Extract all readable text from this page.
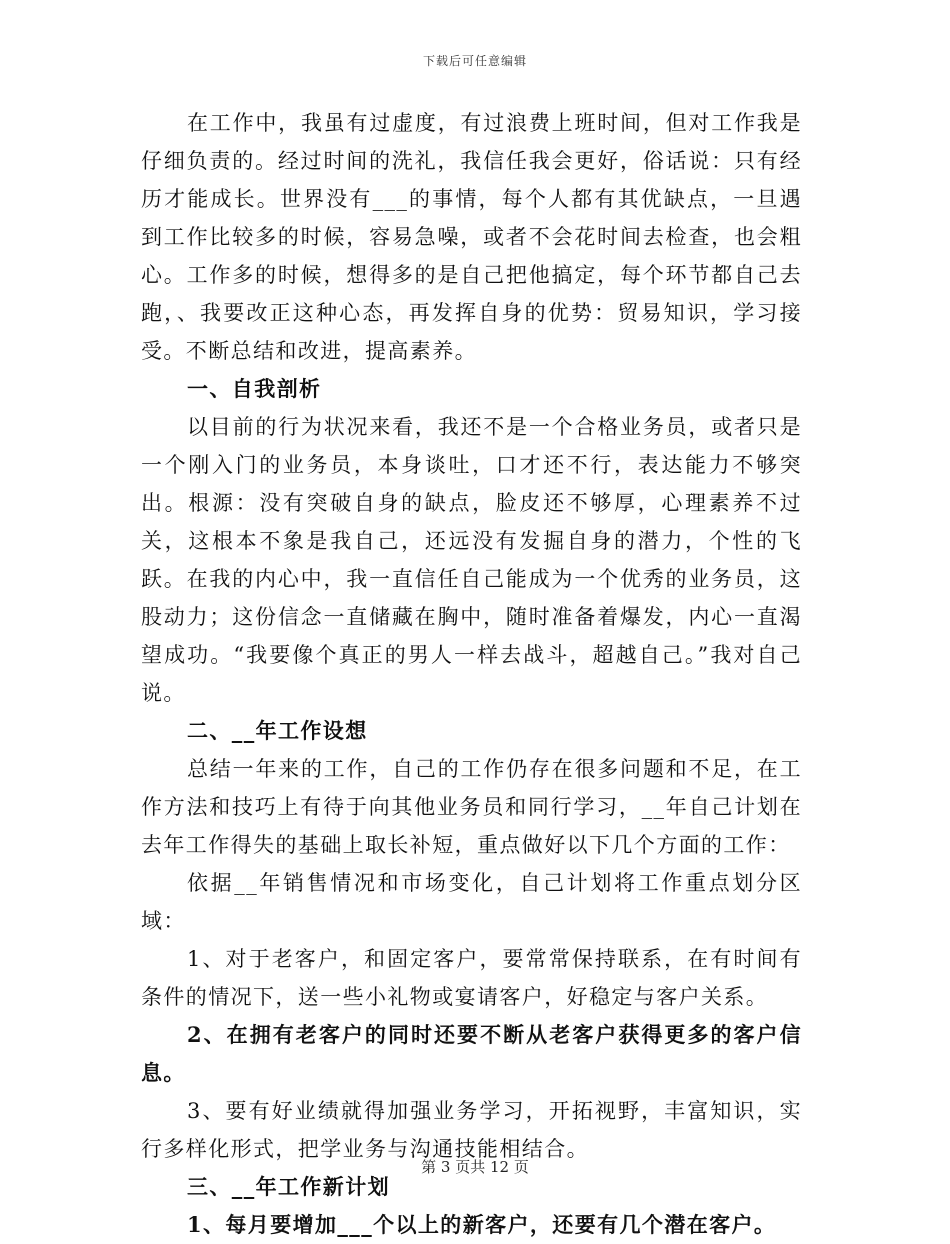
下载后可任意编辑

在工作中，我虽有过虚度，有过浪费上班时间，但对工作我是仔细负责的。经过时间的洗礼，我信任我会更好，俗话说：只有经历才能成长。世界没有___的事情，每个人都有其优缺点，一旦遇到工作比较多的时候，容易急噪，或者不会花时间去检查，也会粗心。工作多的时候，想得多的是自己把他搞定，每个环节都自己去跑，、我要改正这种心态，再发挥自身的优势：贸易知识，学习接受。不断总结和改进，提高素养。

一、自我剖析

以目前的行为状况来看，我还不是一个合格业务员，或者只是一个刚入门的业务员，本身谈吐，口才还不行，表达能力不够突出。根源：没有突破自身的缺点，脸皮还不够厚，心理素养不过关，这根本不象是我自己，还远没有发掘自身的潜力，个性的飞跃。在我的内心中，我一直信任自己能成为一个优秀的业务员，这股动力；这份信念一直储藏在胸中，随时准备着爆发，内心一直渴望成功。“我要像个真正的男人一样去战斗，超越自己。”我对自己说。

二、__年工作设想

总结一年来的工作，自己的工作仍存在很多问题和不足，在工作方法和技巧上有待于向其他业务员和同行学习，__年自己计划在去年工作得失的基础上取长补短，重点做好以下几个方面的工作：

依据__年销售情况和市场变化，自己计划将工作重点划分区域：

1、对于老客户，和固定客户，要常常保持联系，在有时间有条件的情况下，送一些小礼物或宴请客户，好稳定与客户关系。

2、在拥有老客户的同时还要不断从老客户获得更多的客户信息。

3、要有好业绩就得加强业务学习，开拓视野，丰富知识，实行多样化形式，把学业务与沟通技能相结合。

三、__年工作新计划

1、每月要增加___个以上的新客户，还要有几个潜在客户。

第 3 页共 12 页
